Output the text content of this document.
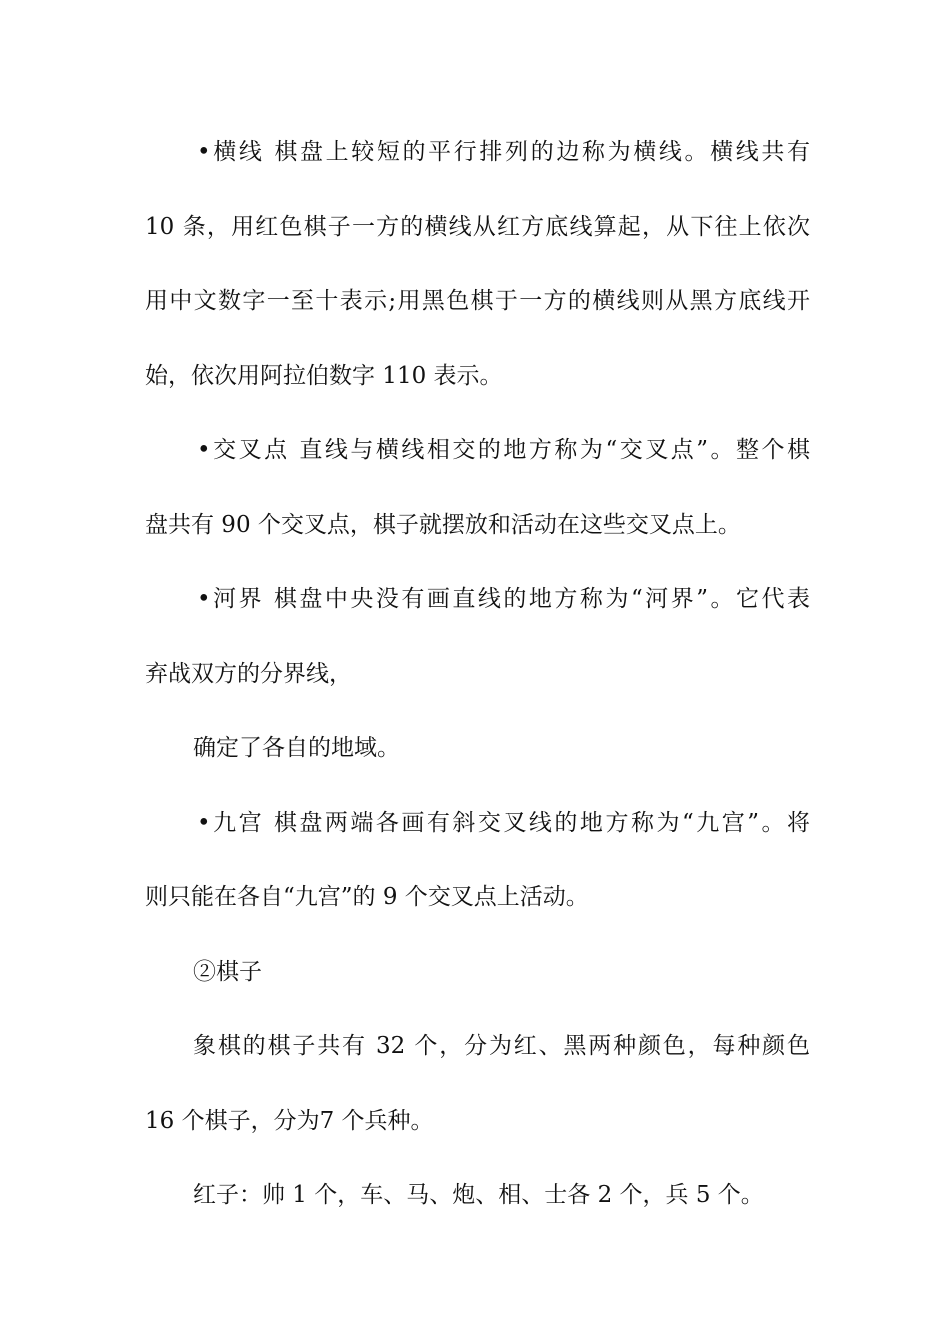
•横线 棋盘上较短的平行排列的边称为横线。横线共有
10 条，用红色棋子一方的横线从红方底线算起，从下往上依次
用中文数字一至十表示;用黑色棋于一方的横线则从黑方底线开
始，依次用阿拉伯数字 110 表示。
•交叉点 直线与横线相交的地方称为“交叉点”。整个棋
盘共有 90 个交叉点，棋子就摆放和活动在这些交叉点上。
•河界 棋盘中央没有画直线的地方称为“河界”。它代表
弃战双方的分界线，
确定了各自的地域。
•九宫 棋盘两端各画有斜交叉线的地方称为“九宫”。将
则只能在各自“九宫”的 9 个交叉点上活动。
②棋子
象棋的棋子共有 32 个，分为红、黑两种颜色，每种颜色
16 个棋子，分为7 个兵种。
红子：帅 1 个，车、马、炮、相、士各 2 个，兵 5 个。
